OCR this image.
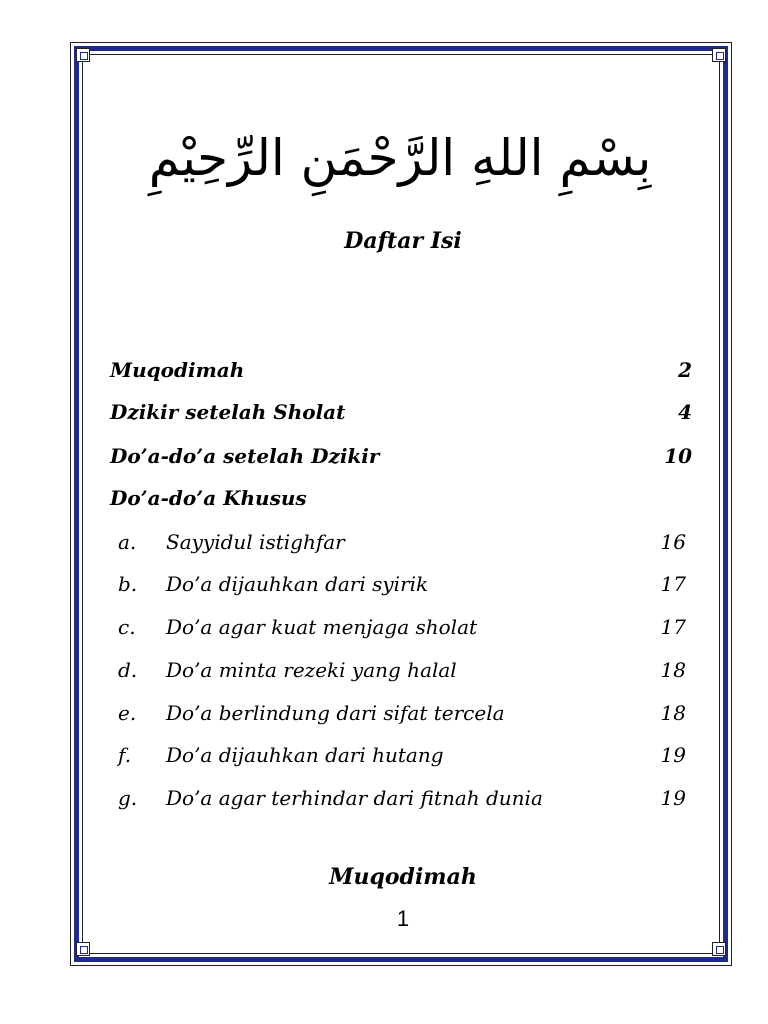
بِسْمِ اللهِ الرَّحْمَنِ الرِّحِيْمِ
Daftar Isi
Muqodimah	2
Dzikir setelah Sholat	4
Do’a-do’a setelah Dzikir	10
Do’a-do’a Khusus
a. Sayyidul istighfar	16
b. Do’a dijauhkan dari syirik	17
c. Do’a agar kuat menjaga sholat	17
d. Do’a minta rezeki yang halal	18
e. Do’a berlindung dari sifat tercela	18
f. Do’a dijauhkan dari hutang	19
g. Do’a agar terhindar dari fitnah dunia	19
Muqodimah
1
